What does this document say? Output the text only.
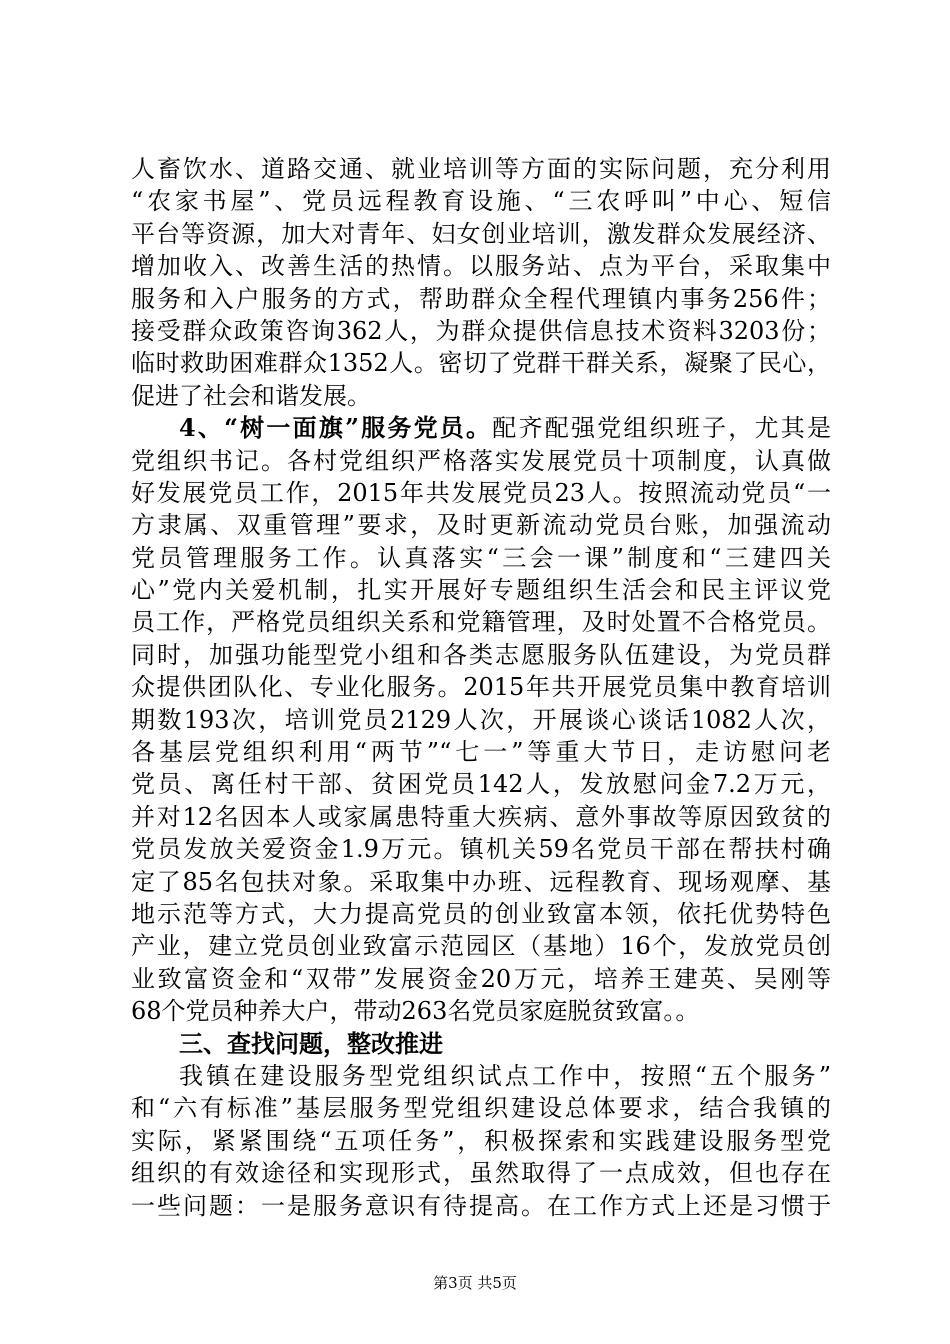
人畜饮水、道路交通、就业培训等方面的实际问题，充分利用
“农家书屋”、党员远程教育设施、“三农呼叫”中心、短信
平台等资源，加大对青年、妇女创业培训，激发群众发展经济、
增加收入、改善生活的热情。以服务站、点为平台，采取集中
服务和入户服务的方式，帮助群众全程代理镇内事务256件；
接受群众政策咨询362人，为群众提供信息技术资料3203份；
临时救助困难群众1352人。密切了党群干群关系，凝聚了民心，
促进了社会和谐发展。
4、“树一面旗”服务党员。配齐配强党组织班子，尤其是
党组织书记。各村党组织严格落实发展党员十项制度，认真做
好发展党员工作，2015年共发展党员23人。按照流动党员“一
方隶属、双重管理”要求，及时更新流动党员台账，加强流动
党员管理服务工作。认真落实“三会一课”制度和“三建四关
心”党内关爱机制，扎实开展好专题组织生活会和民主评议党
员工作，严格党员组织关系和党籍管理，及时处置不合格党员。
同时，加强功能型党小组和各类志愿服务队伍建设，为党员群
众提供团队化、专业化服务。2015年共开展党员集中教育培训
期数193次，培训党员2129人次，开展谈心谈话1082人次，
各基层党组织利用“两节”“七一”等重大节日，走访慰问老
党员、离任村干部、贫困党员142人，发放慰问金7.2万元，
并对12名因本人或家属患特重大疾病、意外事故等原因致贫的
党员发放关爱资金1.9万元。镇机关59名党员干部在帮扶村确
定了85名包扶对象。采取集中办班、远程教育、现场观摩、基
地示范等方式，大力提高党员的创业致富本领，依托优势特色
产业，建立党员创业致富示范园区（基地）16个，发放党员创
业致富资金和“双带”发展资金20万元，培养王建英、吴刚等
68个党员种养大户，带动263名党员家庭脱贫致富。。
三、查找问题，整改推进
我镇在建设服务型党组织试点工作中，按照“五个服务”
和“六有标准”基层服务型党组织建设总体要求，结合我镇的
实际，紧紧围绕“五项任务”，积极探索和实践建设服务型党
组织的有效途径和实现形式，虽然取得了一点成效，但也存在
一些问题：一是服务意识有待提高。在工作方式上还是习惯于
第3页 共5页
